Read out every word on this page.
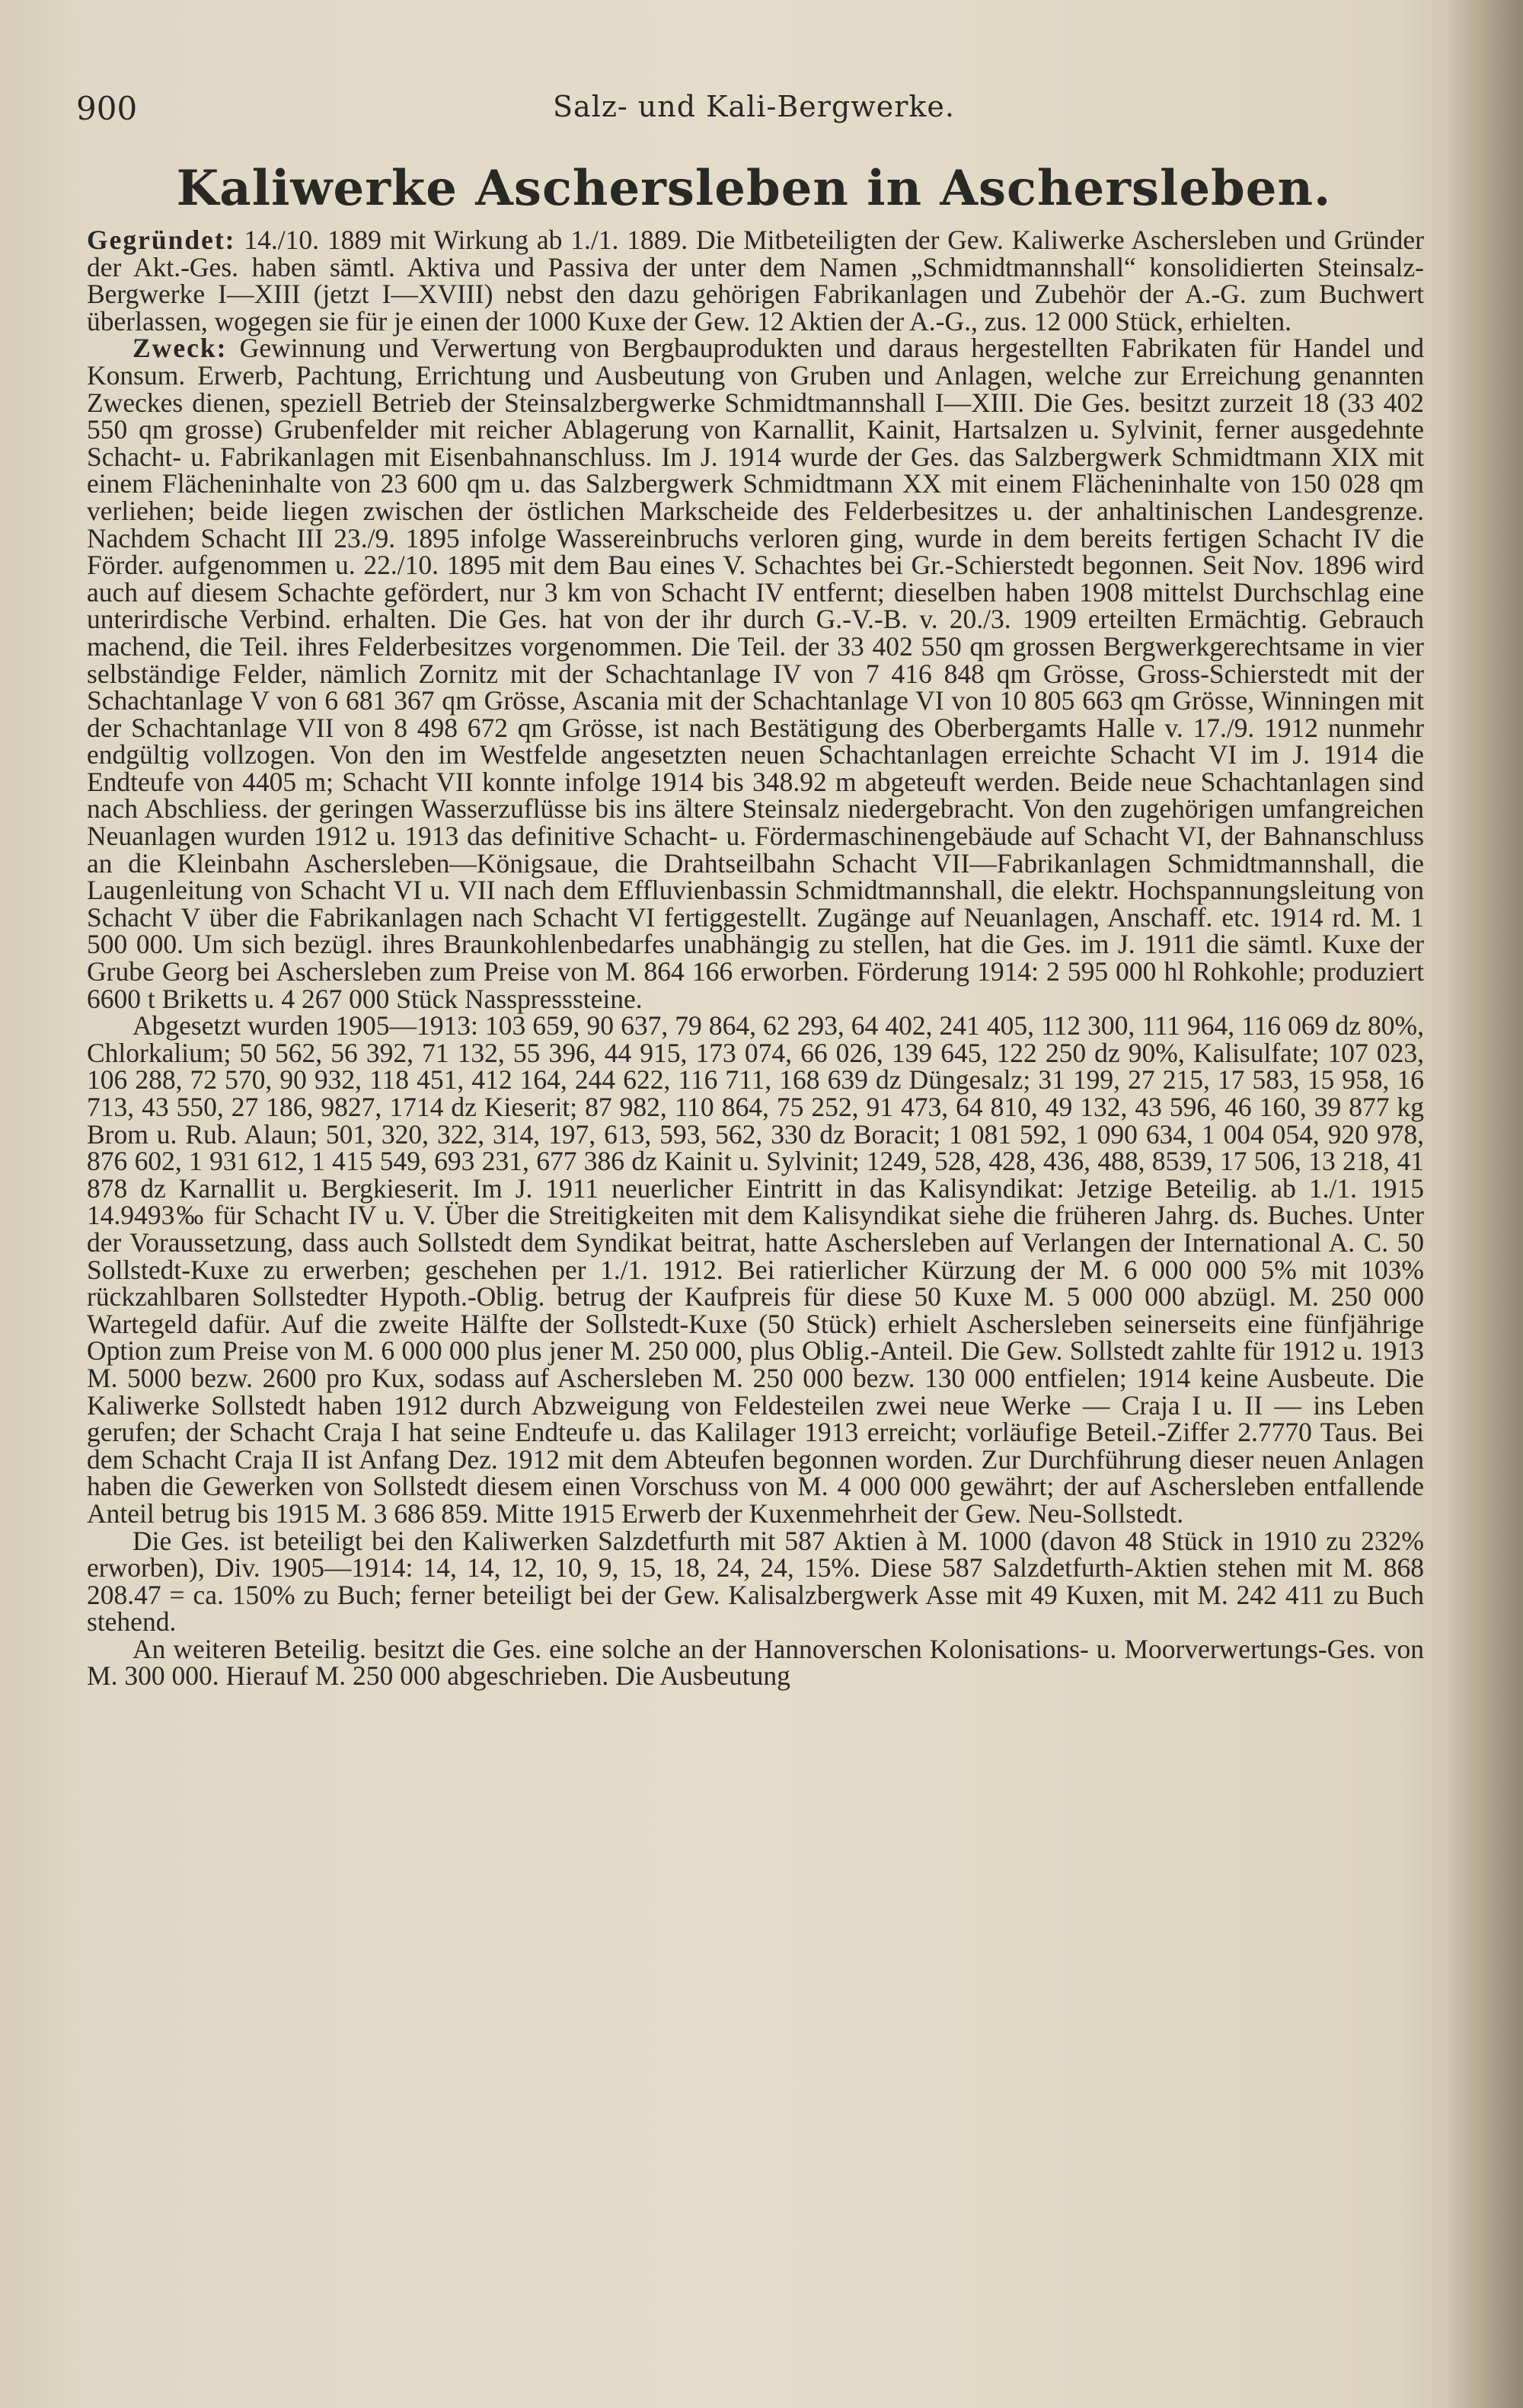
900	Salz- und Kali-Bergwerke.
Kaliwerke Aschersleben in Aschersleben.

Gegründet: 14./10. 1889 mit Wirkung ab 1./1. 1889. Die Mitbeteiligten der Gew. Kaliwerke Aschersleben und Gründer der Akt.-Ges. haben sämtl. Aktiva und Passiva der unter dem Namen „Schmidtmannshall“ konsolidierten Steinsalz-Bergwerke I—XIII (jetzt I—XVIII) nebst den dazu gehörigen Fabrikanlagen und Zubehör der A.-G. zum Buchwert überlassen, wogegen sie für je einen der 1000 Kuxe der Gew. 12 Aktien der A.-G., zus. 12 000 Stück, erhielten.

Zweck: Gewinnung und Verwertung von Bergbauprodukten und daraus hergestellten Fabrikaten für Handel und Konsum. Erwerb, Pachtung, Errichtung und Ausbeutung von Gruben und Anlagen, welche zur Erreichung genannten Zweckes dienen, speziell Betrieb der Steinsalzbergwerke Schmidtmannshall I—XIII. Die Ges. besitzt zurzeit 18 (33 402 550 qm grosse) Grubenfelder mit reicher Ablagerung von Karnallit, Kainit, Hartsalzen u. Sylvinit, ferner ausgedehnte Schacht- u. Fabrikanlagen mit Eisenbahnanschluss. Im J. 1914 wurde der Ges. das Salzbergwerk Schmidtmann XIX mit einem Flächeninhalte von 23 600 qm u. das Salzbergwerk Schmidtmann XX mit einem Flächeninhalte von 150 028 qm verliehen; beide liegen zwischen der östlichen Markscheide des Felderbesitzes u. der anhaltinischen Landesgrenze. Nachdem Schacht III 23./9. 1895 infolge Wassereinbruchs verloren ging, wurde in dem bereits fertigen Schacht IV die Förder. aufgenommen u. 22./10. 1895 mit dem Bau eines V. Schachtes bei Gr.-Schierstedt begonnen. Seit Nov. 1896 wird auch auf diesem Schachte gefördert, nur 3 km von Schacht IV entfernt; dieselben haben 1908 mittelst Durchschlag eine unterirdische Verbind. erhalten. Die Ges. hat von der ihr durch G.-V.-B. v. 20./3. 1909 erteilten Ermächtig. Gebrauch machend, die Teil. ihres Felderbesitzes vorgenommen. Die Teil. der 33 402 550 qm grossen Bergwerkgerechtsame in vier selbständige Felder, nämlich Zornitz mit der Schachtanlage IV von 7 416 848 qm Grösse, Gross-Schierstedt mit der Schachtanlage V von 6 681 367 qm Grösse, Ascania mit der Schachtanlage VI von 10 805 663 qm Grösse, Winningen mit der Schachtanlage VII von 8 498 672 qm Grösse, ist nach Bestätigung des Oberbergamts Halle v. 17./9. 1912 nunmehr endgültig vollzogen. Von den im Westfelde angesetzten neuen Schachtanlagen erreichte Schacht VI im J. 1914 die Endteufe von 4405 m; Schacht VII konnte infolge 1914 bis 348.92 m abgeteuft werden. Beide neue Schachtanlagen sind nach Abschliess. der geringen Wasserzuflüsse bis ins ältere Steinsalz niedergebracht. Von den zugehörigen umfangreichen Neuanlagen wurden 1912 u. 1913 das definitive Schacht- u. Fördermaschinengebäude auf Schacht VI, der Bahnanschluss an die Kleinbahn Aschersleben—Königsaue, die Drahtseilbahn Schacht VII—Fabrikanlagen Schmidtmannshall, die Laugenleitung von Schacht VI u. VII nach dem Effluvienbassin Schmidtmannshall, die elektr. Hochspannungsleitung von Schacht V über die Fabrikanlagen nach Schacht VI fertiggestellt. Zugänge auf Neuanlagen, Anschaff. etc. 1914 rd. M. 1 500 000. Um sich bezügl. ihres Braunkohlenbedarfes unabhängig zu stellen, hat die Ges. im J. 1911 die sämtl. Kuxe der Grube Georg bei Aschersleben zum Preise von M. 864 166 erworben. Förderung 1914: 2 595 000 hl Rohkohle; produziert 6600 t Briketts u. 4 267 000 Stück Nasspresssteine.

Abgesetzt wurden 1905—1913: 103 659, 90 637, 79 864, 62 293, 64 402, 241 405, 112 300, 111 964, 116 069 dz 80%, Chlorkalium; 50 562, 56 392, 71 132, 55 396, 44 915, 173 074, 66 026, 139 645, 122 250 dz 90%, Kalisulfate; 107 023, 106 288, 72 570, 90 932, 118 451, 412 164, 244 622, 116 711, 168 639 dz Düngesalz; 31 199, 27 215, 17 583, 15 958, 16 713, 43 550, 27 186, 9827, 1714 dz Kieserit; 87 982, 110 864, 75 252, 91 473, 64 810, 49 132, 43 596, 46 160, 39 877 kg Brom u. Rub. Alaun; 501, 320, 322, 314, 197, 613, 593, 562, 330 dz Boracit; 1 081 592, 1 090 634, 1 004 054, 920 978, 876 602, 1 931 612, 1 415 549, 693 231, 677 386 dz Kainit u. Sylvinit; 1249, 528, 428, 436, 488, 8539, 17 506, 13 218, 41 878 dz Karnallit u. Bergkieserit. Im J. 1911 neuerlicher Eintritt in das Kalisyndikat: Jetzige Beteilig. ab 1./1. 1915 14.9493‰ für Schacht IV u. V. Über die Streitigkeiten mit dem Kalisyndikat siehe die früheren Jahrg. ds. Buches. Unter der Voraussetzung, dass auch Sollstedt dem Syndikat beitrat, hatte Aschersleben auf Verlangen der International A. C. 50 Sollstedt-Kuxe zu erwerben; geschehen per 1./1. 1912. Bei ratierlicher Kürzung der M. 6 000 000 5% mit 103% rückzahlbaren Sollstedter Hypoth.-Oblig. betrug der Kaufpreis für diese 50 Kuxe M. 5 000 000 abzügl. M. 250 000 Wartegeld dafür. Auf die zweite Hälfte der Sollstedt-Kuxe (50 Stück) erhielt Aschersleben seinerseits eine fünfjährige Option zum Preise von M. 6 000 000 plus jener M. 250 000, plus Oblig.-Anteil. Die Gew. Sollstedt zahlte für 1912 u. 1913 M. 5000 bezw. 2600 pro Kux, sodass auf Aschersleben M. 250 000 bezw. 130 000 entfielen; 1914 keine Ausbeute. Die Kaliwerke Sollstedt haben 1912 durch Abzweigung von Feldesteilen zwei neue Werke — Craja I u. II — ins Leben gerufen; der Schacht Craja I hat seine Endteufe u. das Kalilager 1913 erreicht; vorläufige Beteil.-Ziffer 2.7770 Taus. Bei dem Schacht Craja II ist Anfang Dez. 1912 mit dem Abteufen begonnen worden. Zur Durchführung dieser neuen Anlagen haben die Gewerken von Sollstedt diesem einen Vorschuss von M. 4 000 000 gewährt; der auf Aschersleben entfallende Anteil betrug bis 1915 M. 3 686 859. Mitte 1915 Erwerb der Kuxenmehrheit der Gew. Neu-Sollstedt.

Die Ges. ist beteiligt bei den Kaliwerken Salzdetfurth mit 587 Aktien à M. 1000 (davon 48 Stück in 1910 zu 232% erworben), Div. 1905—1914: 14, 14, 12, 10, 9, 15, 18, 24, 24, 15%. Diese 587 Salzdetfurth-Aktien stehen mit M. 868 208.47 = ca. 150% zu Buch; ferner beteiligt bei der Gew. Kalisalzbergwerk Asse mit 49 Kuxen, mit M. 242 411 zu Buch stehend.

An weiteren Beteilig. besitzt die Ges. eine solche an der Hannoverschen Kolonisations- u. Moorverwertungs-Ges. von M. 300 000. Hierauf M. 250 000 abgeschrieben. Die Ausbeutung
